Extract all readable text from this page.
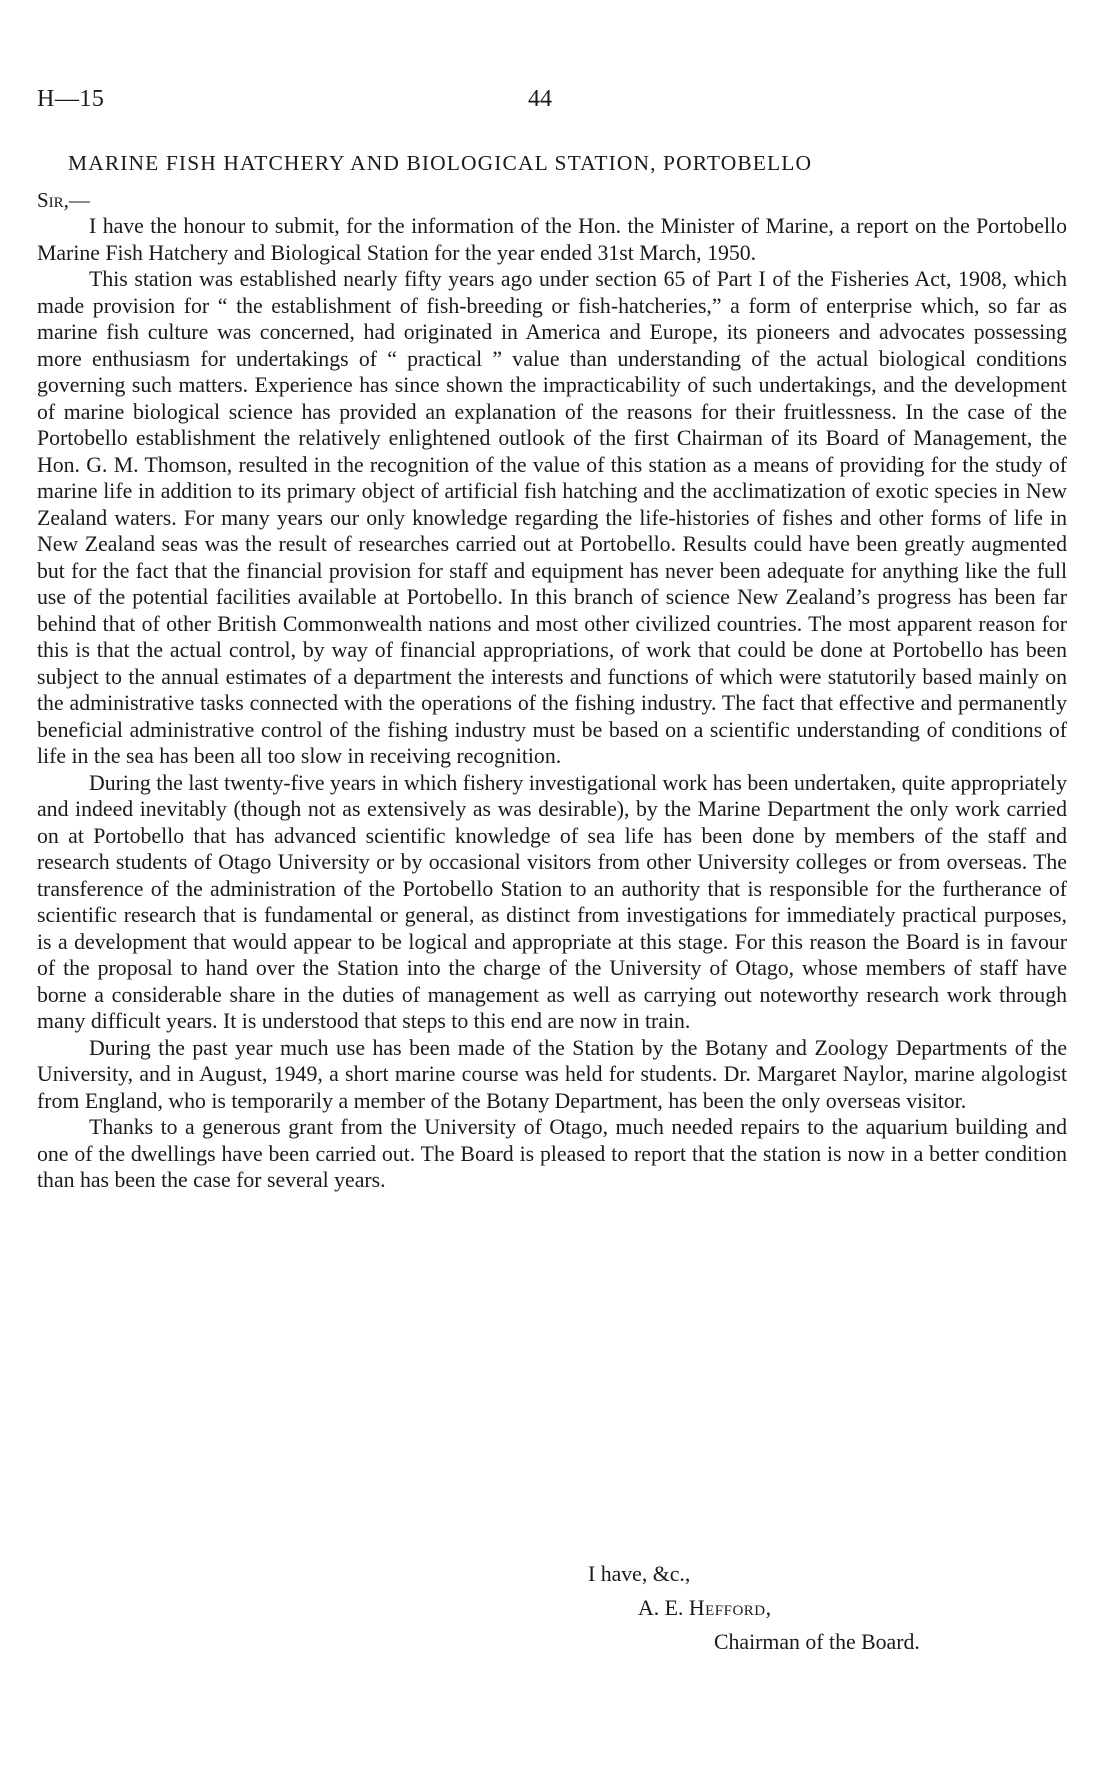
H—15	44
MARINE FISH HATCHERY AND BIOLOGICAL STATION, PORTOBELLO
Sir,—

I have the honour to submit, for the information of the Hon. the Minister of Marine, a report on the Portobello Marine Fish Hatchery and Biological Station for the year ended 31st March, 1950.

This station was established nearly fifty years ago under section 65 of Part I of the Fisheries Act, 1908, which made provision for “ the establishment of fish-breeding or fish-hatcheries,” a form of enterprise which, so far as marine fish culture was concerned, had originated in America and Europe, its pioneers and advocates possessing more enthusiasm for undertakings of “ practical ” value than understanding of the actual biological conditions governing such matters. Experience has since shown the impracticability of such undertakings, and the development of marine biological science has provided an explanation of the reasons for their fruitlessness. In the case of the Portobello establishment the relatively enlightened outlook of the first Chairman of its Board of Management, the Hon. G. M. Thomson, resulted in the recognition of the value of this station as a means of providing for the study of marine life in addition to its primary object of artificial fish hatching and the acclimatization of exotic species in New Zealand waters. For many years our only knowledge regarding the life-histories of fishes and other forms of life in New Zealand seas was the result of researches carried out at Portobello. Results could have been greatly augmented but for the fact that the financial provision for staff and equipment has never been adequate for anything like the full use of the potential facilities available at Portobello. In this branch of science New Zealand’s progress has been far behind that of other British Commonwealth nations and most other civilized countries. The most apparent reason for this is that the actual control, by way of financial appropriations, of work that could be done at Portobello has been subject to the annual estimates of a department the interests and functions of which were statutorily based mainly on the administrative tasks connected with the operations of the fishing industry. The fact that effective and permanently beneficial administrative control of the fishing industry must be based on a scientific understanding of conditions of life in the sea has been all too slow in receiving recognition.

During the last twenty-five years in which fishery investigational work has been undertaken, quite appropriately and indeed inevitably (though not as extensively as was desirable), by the Marine Department the only work carried on at Portobello that has advanced scientific knowledge of sea life has been done by members of the staff and research students of Otago University or by occasional visitors from other University colleges or from overseas. The transference of the administration of the Portobello Station to an authority that is responsible for the furtherance of scientific research that is fundamental or general, as distinct from investigations for immediately practical purposes, is a development that would appear to be logical and appropriate at this stage. For this reason the Board is in favour of the proposal to hand over the Station into the charge of the University of Otago, whose members of staff have borne a considerable share in the duties of management as well as carrying out noteworthy research work through many difficult years. It is understood that steps to this end are now in train.

During the past year much use has been made of the Station by the Botany and Zoology Departments of the University, and in August, 1949, a short marine course was held for students. Dr. Margaret Naylor, marine algologist from England, who is temporarily a member of the Botany Department, has been the only overseas visitor.

Thanks to a generous grant from the University of Otago, much needed repairs to the aquarium building and one of the dwellings have been carried out. The Board is pleased to report that the station is now in a better condition than has been the case for several years.

I have, &c.,
A. E. Hefford,
Chairman of the Board.
